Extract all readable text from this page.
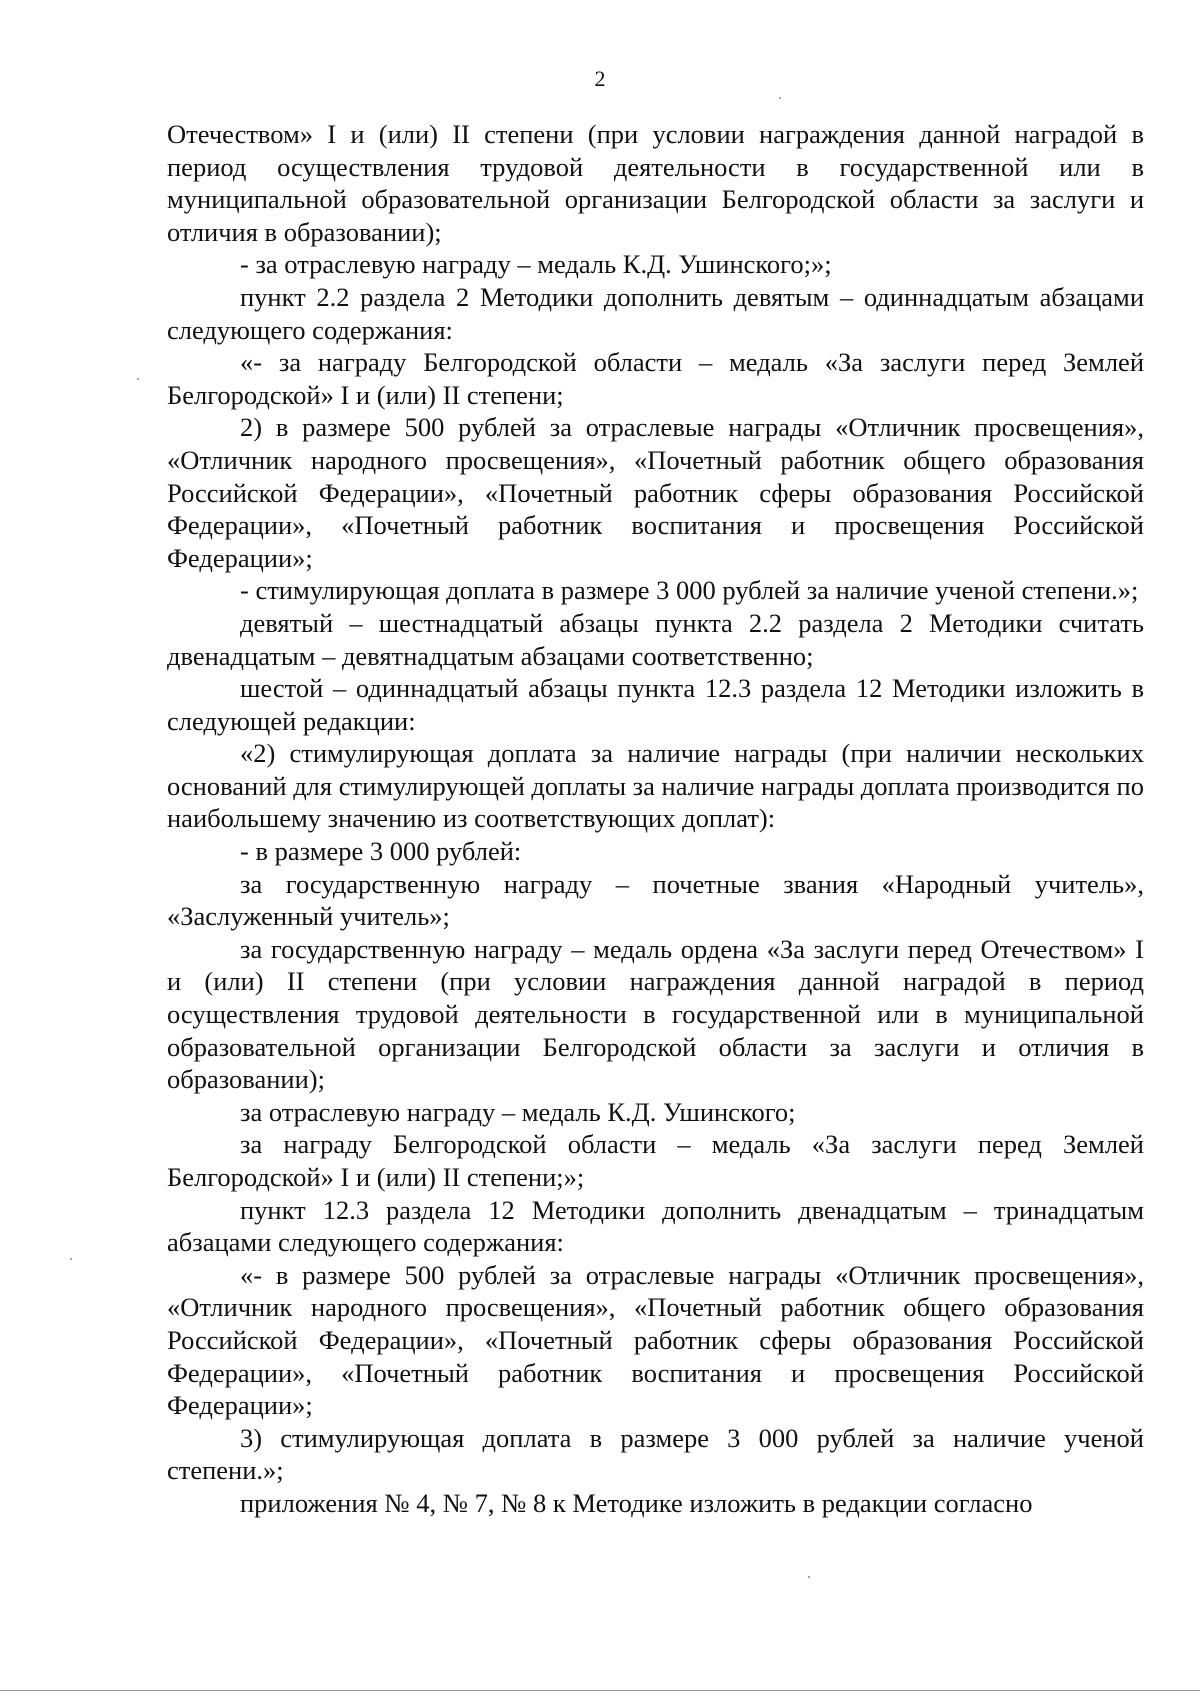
2

Отечеством» I и (или) II степени (при условии награждения данной наградой в период осуществления трудовой деятельности в государственной или в муниципальной образовательной организации Белгородской области за заслуги и отличия в образовании);

- за отраслевую награду – медаль К.Д. Ушинского;»;

пункт 2.2 раздела 2 Методики дополнить девятым – одиннадцатым абзацами следующего содержания:

«- за награду Белгородской области – медаль «За заслуги перед Землей Белгородской» I и (или) II степени;

2) в размере 500 рублей за отраслевые награды «Отличник просвещения», «Отличник народного просвещения», «Почетный работник общего образования Российской Федерации», «Почетный работник сферы образования Российской Федерации», «Почетный работник воспитания и просвещения Российской Федерации»;

- стимулирующая доплата в размере 3 000 рублей за наличие ученой степени.»;

девятый – шестнадцатый абзацы пункта 2.2 раздела 2 Методики считать двенадцатым – девятнадцатым абзацами соответственно;

шестой – одиннадцатый абзацы пункта 12.3 раздела 12 Методики изложить в следующей редакции:

«2) стимулирующая доплата за наличие награды (при наличии нескольких оснований для стимулирующей доплаты за наличие награды доплата производится по наибольшему значению из соответствующих доплат):

- в размере 3 000 рублей:

за государственную награду – почетные звания «Народный учитель», «Заслуженный учитель»;

за государственную награду – медаль ордена «За заслуги перед Отечеством» I и (или) II степени (при условии награждения данной наградой в период осуществления трудовой деятельности в государственной или в муниципальной образовательной организации Белгородской области за заслуги и отличия в образовании);

за отраслевую награду – медаль К.Д. Ушинского;

за награду Белгородской области – медаль «За заслуги перед Землей Белгородской» I и (или) II степени;»;

пункт 12.3 раздела 12 Методики дополнить двенадцатым – тринадцатым абзацами следующего содержания:

«- в размере 500 рублей за отраслевые награды «Отличник просвещения», «Отличник народного просвещения», «Почетный работник общего образования Российской Федерации», «Почетный работник сферы образования Российской Федерации», «Почетный работник воспитания и просвещения Российской Федерации»;

3) стимулирующая доплата в размере 3 000 рублей за наличие ученой степени.»;

приложения № 4, № 7, № 8 к Методике изложить в редакции согласно
